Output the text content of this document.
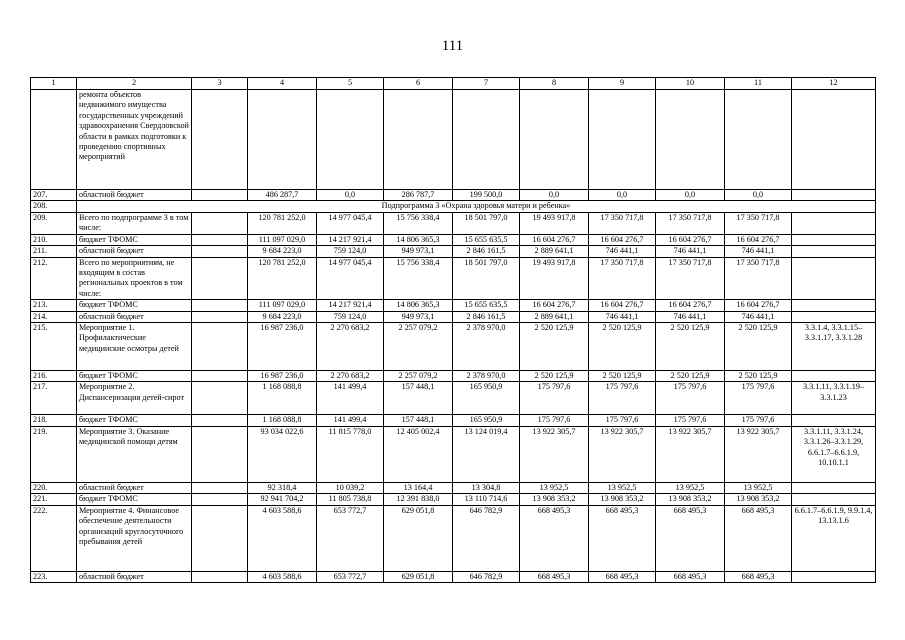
111
1	2	3	4	5	6	7	8	9	10	11	12
	ремонта объектов недвижимого имущества государственных учреждений здравоохранения Свердловской области в рамках подготовки к проведению спортивных мероприятий										
207.	областной бюджет		486 287,7	0,0	286 787,7	199 500,0	0,0	0,0	0,0	0,0	
208.	Подпрограмма 3 «Охрана здоровья матери и ребенка»										
209.	Всего по подпрограмме 3 в том числе:		120 781 252,0	14 977 045,4	15 756 338,4	18 501 797,0	19 493 917,8	17 350 717,8	17 350 717,8	17 350 717,8	
210.	бюджет ТФОМС		111 097 029,0	14 217 921,4	14 806 365,3	15 655 635,5	16 604 276,7	16 604 276,7	16 604 276,7	16 604 276,7	
211.	областной бюджет		9 684 223,0	759 124,0	949 973,1	2 846 161,5	2 889 641,1	746 441,1	746 441,1	746 441,1	
212.	Всего по мероприятиям, не входящим в состав региональных проектов в том числе:		120 781 252,0	14 977 045,4	15 756 338,4	18 501 797,0	19 493 917,8	17 350 717,8	17 350 717,8	17 350 717,8	
213.	бюджет ТФОМС		111 097 029,0	14 217 921,4	14 806 365,3	15 655 635,5	16 604 276,7	16 604 276,7	16 604 276,7	16 604 276,7	
214.	областной бюджет		9 684 223,0	759 124,0	949 973,1	2 846 161,5	2 889 641,1	746 441,1	746 441,1	746 441,1	
215.	Мероприятие 1. Профилактические медицинские осмотры детей		16 987 236,0	2 270 683,2	2 257 079,2	2 378 970,0	2 520 125,9	2 520 125,9	2 520 125,9	2 520 125,9	3.3.1.4, 3.3.1.15–3.3.1.17, 3.3.1.28
216.	бюджет ТФОМС		16 987 236,0	2 270 683,2	2 257 079,2	2 378 970,0	2 520 125,9	2 520 125,9	2 520 125,9	2 520 125,9	
217.	Мероприятие 2. Диспансеризация детей-сирот		1 168 088,8	141 499,4	157 448,1	165 950,9	175 797,6	175 797,6	175 797,6	175 797,6	3.3.1.11, 3.3.1.19–3.3.1.23
218.	бюджет ТФОМС		1 168 088,8	141 499,4	157 448,1	165 950,9	175 797,6	175 797,6	175 797,6	175 797,6	
219.	Мероприятие 3. Оказание медицинской помощи детям		93 034 022,6	11 815 778,0	12 405 002,4	13 124 019,4	13 922 305,7	13 922 305,7	13 922 305,7	13 922 305,7	3.3.1.11, 3.3.1.24, 3.3.1.26–3.3.1.29, 6.6.1.7–6.6.1.9, 10.10.1.1
220.	областной бюджет		92 318,4	10 039,2	13 164,4	13 304,8	13 952,5	13 952,5	13 952,5	13 952,5	
221.	бюджет ТФОМС		92 941 704,2	11 805 738,8	12 391 838,0	13 110 714,6	13 908 353,2	13 908 353,2	13 908 353,2	13 908 353,2	
222.	Мероприятие 4. Финансовое обеспечение деятельности организаций круглосуточного пребывания детей		4 603 588,6	653 772,7	629 051,8	646 782,9	668 495,3	668 495,3	668 495,3	668 495,3	6.6.1.7–6.6.1.9, 9.9.1.4, 13.13.1.6
223.	областной бюджет		4 603 588,6	653 772,7	629 051,8	646 782,9	668 495,3	668 495,3	668 495,3	668 495,3	
